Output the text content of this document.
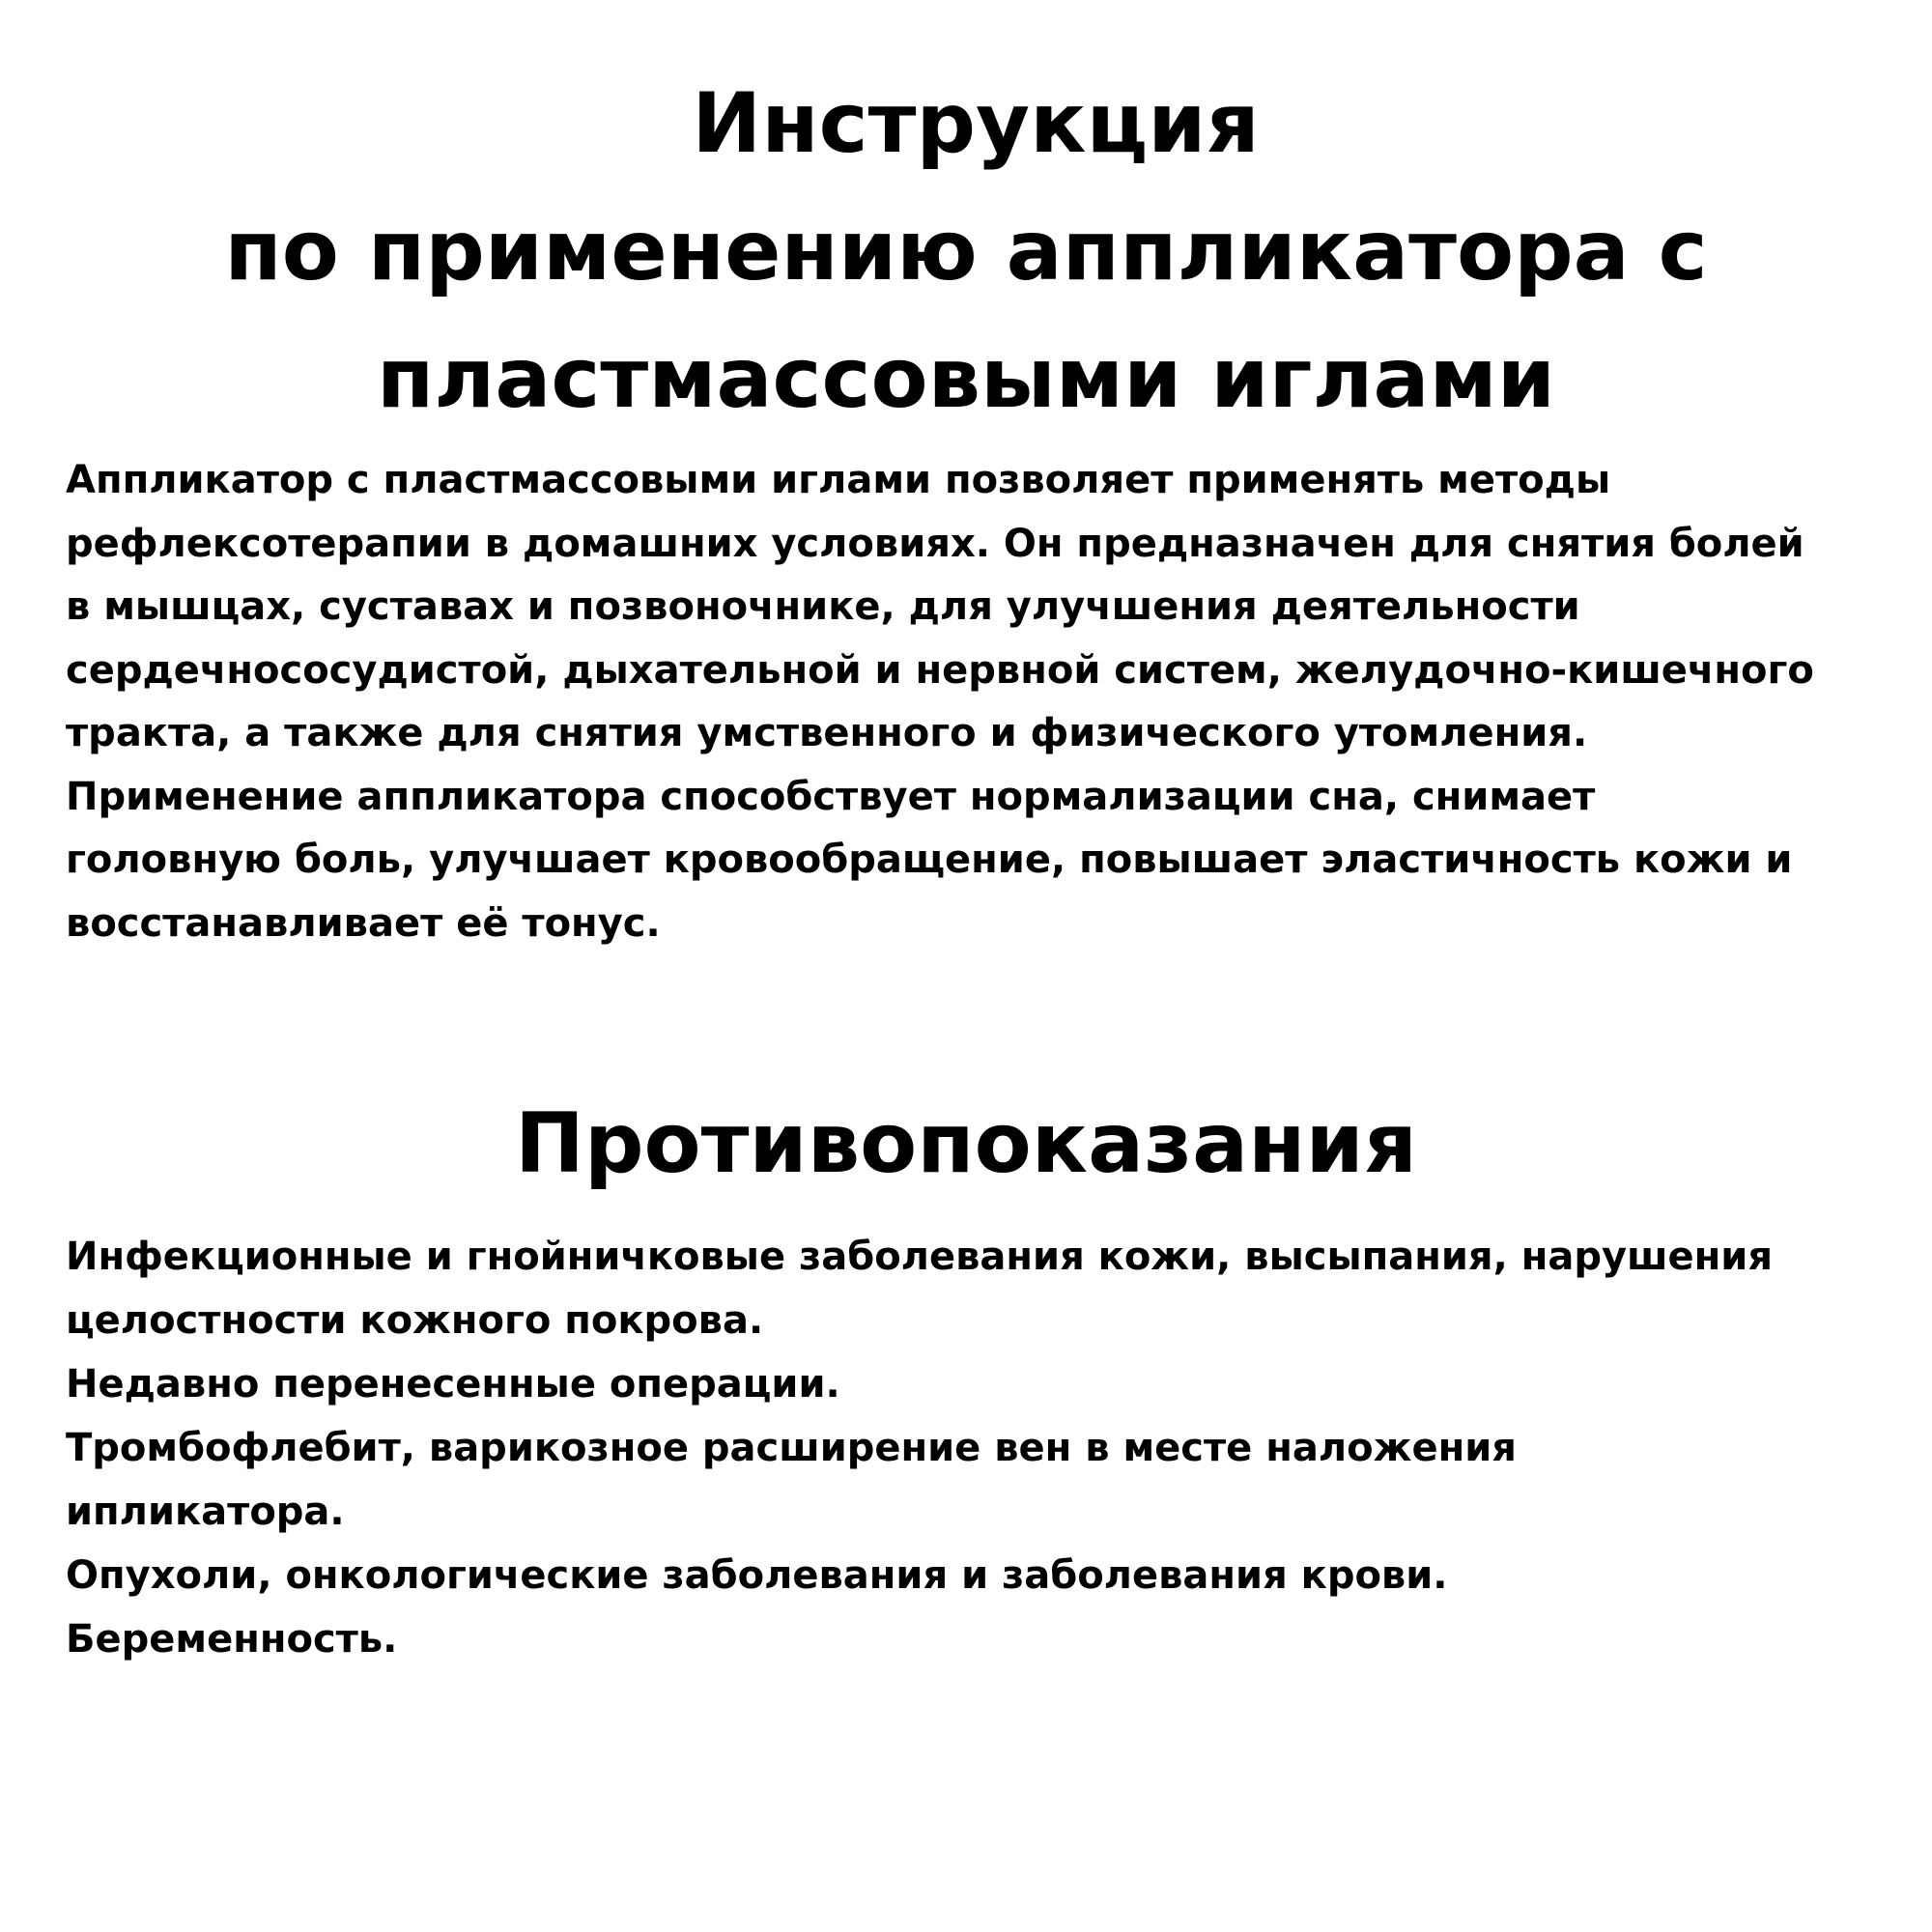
Инструкция
по применению аппликатора с
пластмассовыми иглами
Аппликатор с пластмассовыми иглами позволяет применять методы
рефлексотерапии в домашних условиях. Он предназначен для снятия болей
в мышцах, суставах и позвоночнике, для улучшения деятельности
сердечнососудистой, дыхательной и нервной систем, желудочно-кишечного
тракта, а также для снятия умственного и физического утомления.
Применение аппликатора способствует нормализации сна, снимает
головную боль, улучшает кровообращение, повышает эластичность кожи и
восстанавливает её тонус.
Противопоказания
Инфекционные и гнойничковые заболевания кожи, высыпания, нарушения
целостности кожного покрова.
Недавно перенесенные операции.
Тромбофлебит, варикозное расширение вен в месте наложения
ипликатора.
Опухоли, онкологические заболевания и заболевания крови.
Беременность.
